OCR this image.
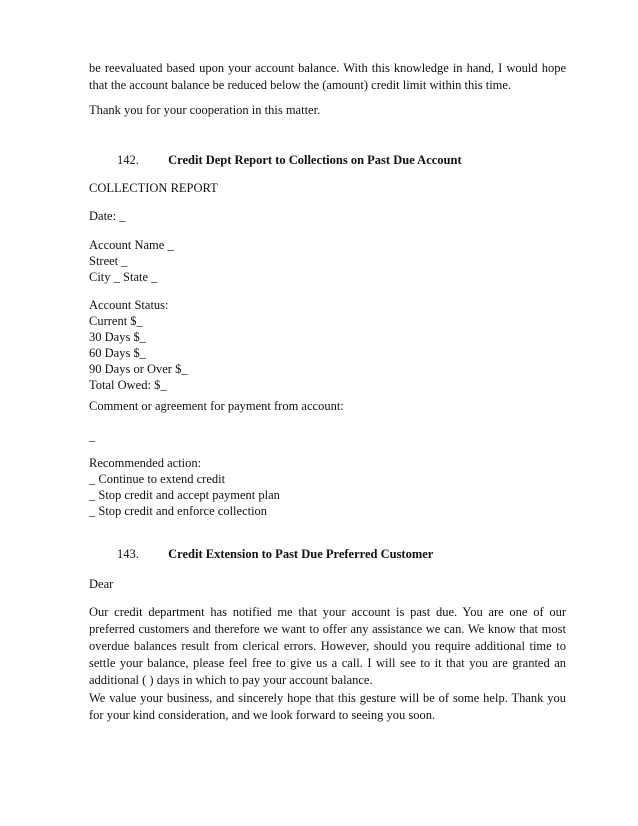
be reevaluated based upon your account balance. With this knowledge in hand, I would hope that the account balance be reduced below the (amount) credit limit within this time.

Thank you for your cooperation in this matter.

142. Credit Dept Report to Collections on Past Due Account

COLLECTION REPORT

Date: _

Account Name _

Street _

City _ State _

Account Status:

Current $_

30 Days $_

60 Days $_

90 Days or Over $_

Total Owed: $_

Comment or agreement for payment from account:

_

Recommended action:

_ Continue to extend credit

_ Stop credit and accept payment plan

_ Stop credit and enforce collection

143. Credit Extension to Past Due Preferred Customer

Dear

Our credit department has notified me that your account is past due. You are one of our preferred customers and therefore we want to offer any assistance we can. We know that most overdue balances result from clerical errors. However, should you require additional time to settle your balance, please feel free to give us a call. I will see to it that you are granted an additional ( ) days in which to pay your account balance.

We value your business, and sincerely hope that this gesture will be of some help. Thank you for your kind consideration, and we look forward to seeing you soon.
